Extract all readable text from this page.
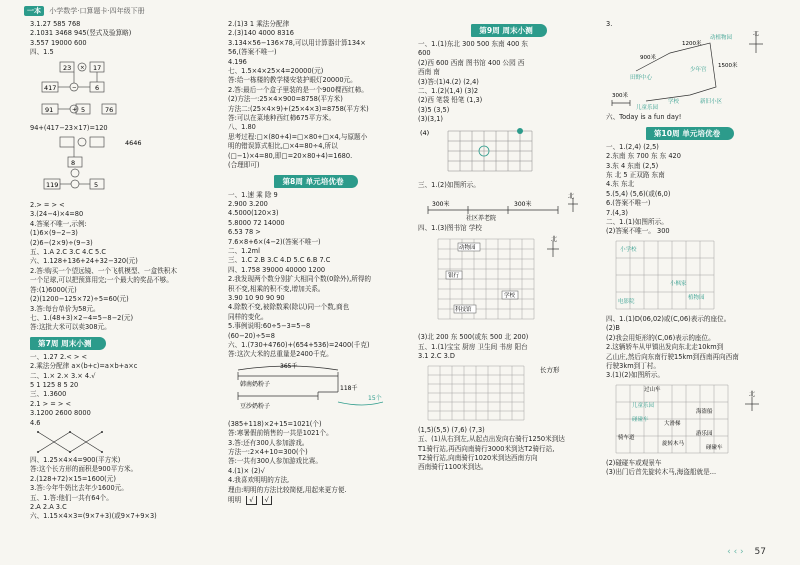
一本 小学数学·口算题卡·四年级下册
3.1.27 585 768
2.1031 3468 945(竖式及验算略)
3.557 19000 600
四、1.5
23	17
417	6
91	5	76
×
−
+
94+(417−23×17)=120
4646
119	5
8
2.> = > <
3.(24−4)×4=80
4.答案不唯一,示例:
(1)6×(9−2−3)
(2)6−(2×9)÷(9−3)
五、1.A 2.C 3.C 4.C 5.C
六、1.128+136+24+32−320(元)
2.答:购买一个望远镜、一个飞机模型、一盒铁积木
一个足球,可以把预算用完;一个最大的奖品不够。
答:(1)6000(元)
(2)(1200−125×72)÷5=60(元)
3.答:每台单价为58元。
七、1.(48+3)×2−4=5−8−2(元)
答:这批大米可以卖308元。
第7周 周末小测
一、1.27 2.< > <
2.乘法分配律 a×(b+c)=a×b+a×c
二、1.× 2.× 3.× 4.√
5 1 125 8 5 20
三、1.3600
2.1 > = > <
3.1200 2600 8000
4.6
四、1.25×4×4=900(平方米)
答:这个长方形的面积是900平方米。
2.(128+72)×15=1600(元)
3.答:今年牛奶比去年少1600元。
五、1.答:他们一共有64个。
2.A 2.A 3.C
六、1.15×4×3=(9×7+3)(或9×7+9×3)
2.(1)3 1 乘法分配律
2.(3)140 4000 8316
3.134×56−136×78,可以用计算器计算134×
56,(答案不唯一)
4.196
七、1.5×4×25×4=20000(元)
答:给一栋楼的教学楼安装护眼灯20000元。
2.答:最后一个盒子里装的是一个900棵西红柿。
(2)方法一:25×4×900=8758(平方米)
方法二:(25×4×9)+(25×4×3)=8758(平方米)
答:可以在菜地种西红柿675平方米。
八、1.80
思考过程:□×(80+4)=□×80+□×4,与原题小
明的错误算式相比,□×4=80÷4,所以
(□−1)×4=80,即□=20×80+4)=1680.
(合理即可)
第8周 单元培优卷
一、1.速 乘 除 9
2.900 3.200
4.5000(120×3)
5.8000 72 14000
6.53 78 >
7.6×8+6×(4−2)(答案不唯一)
二、1.2ml
三、1.C 2.B 3.C 4.D 5.C 6.B 7.C
四、1.758 39000 40000 1200
2.我发现两个数分别扩大相同个数(0除外),所得的
积不变,相乘的积不变,增加关系。
3.90 10 90 90 90
4.除数不变,被除数乘(除以)同一个数,商也
同样的变化。
5.事例说明:60÷5−3=5−8
(60−20)÷5=8
六、1.(730+4760)+(654+536)=2400(千克)
答:这次大米的总重量是2400千克。
365千
韩南奶粉子
豆沙奶粉子
118千
15个
(385+118)×2+15=1021(个)
答:寒暑假前销售的一共是1021个。
3.答:还有300人参加游戏。
方法一:2×4+10=300(个)
答:一共有300人参加游戏比赛。
4.(1)× (2)√
4.我喜欢明明的方法,
理由:明明的方法比较简便,用起来更方便.
明明 √ √
第9周 周末小测
一、1.(1)东北 300 500 东南 400 东
600
(2)西 600 西南 图书馆 400 公园 西
西南 南
(3)答:(1)4.(2) (2,4)
二、1.(2)(1,4) (3)2
(2)西 笔袋 铅笔 (1,3)
(3)5 (3,5)
(3)(3,1)
(4)
三、1.(2)如图所示。
300米	300米
社区养老院
北
四、1.(3)图书馆 学校
北
动物园
银行
学校
科技馆
(3)北 200 东 500(或东 500 北 200)
五、1.(1)宝宝 厨房 卫生间 书房 阳台
3.1 2.C 3.D
长方形
(1,5)(5,5) (7,6) (7,3)
五、(1)从右到左,从起点出发向右骑行1250米到达
T1骑行站,再西向南骑行3000米到达T2骑行站,
T2骑行站,向南骑行1020米到达西南方向
西南骑行1100米到达。
3.
北
900米
1200米
1500米
300米
动植物园
田野中心
少年宫
新旧小区
学校
儿童乐园
六、Today is a fun day!
第10周 单元培优卷
一、1.(2,4) (2,5)
2.东南 东 700 东 东 420
3.东 4 东南 (2,5)
东 北 5 正双路 东南
4.东 东北
5.(5,4) (5,6)(或(6,0)
6.(答案不唯一)
7.(4,3)
二、1.(1)如图所示。
(2)答案不唯一。 300
小学校
小枫家
植物园
电影院
四、1.(1)D(06,02)或(C,06)表示的座位。
(2)B
(2)我会用矩形的(C,06)表示的座位。
2.这辆轿车从甲镇出发向东北走10km到
乙山庄,然后向东南行驶15km到西南再向西南
行驶3km到丁村。
3.(1)(2)如图所示。
北
过山车
儿童乐园
碰碰车
大滑梯
海盗船
骑车道
旋转木马
游乐园
碰碰车
(2)碰碰车或观景车
(3)出门后首先旋转木马,海盗船就是...
‹ ‹ › 57
